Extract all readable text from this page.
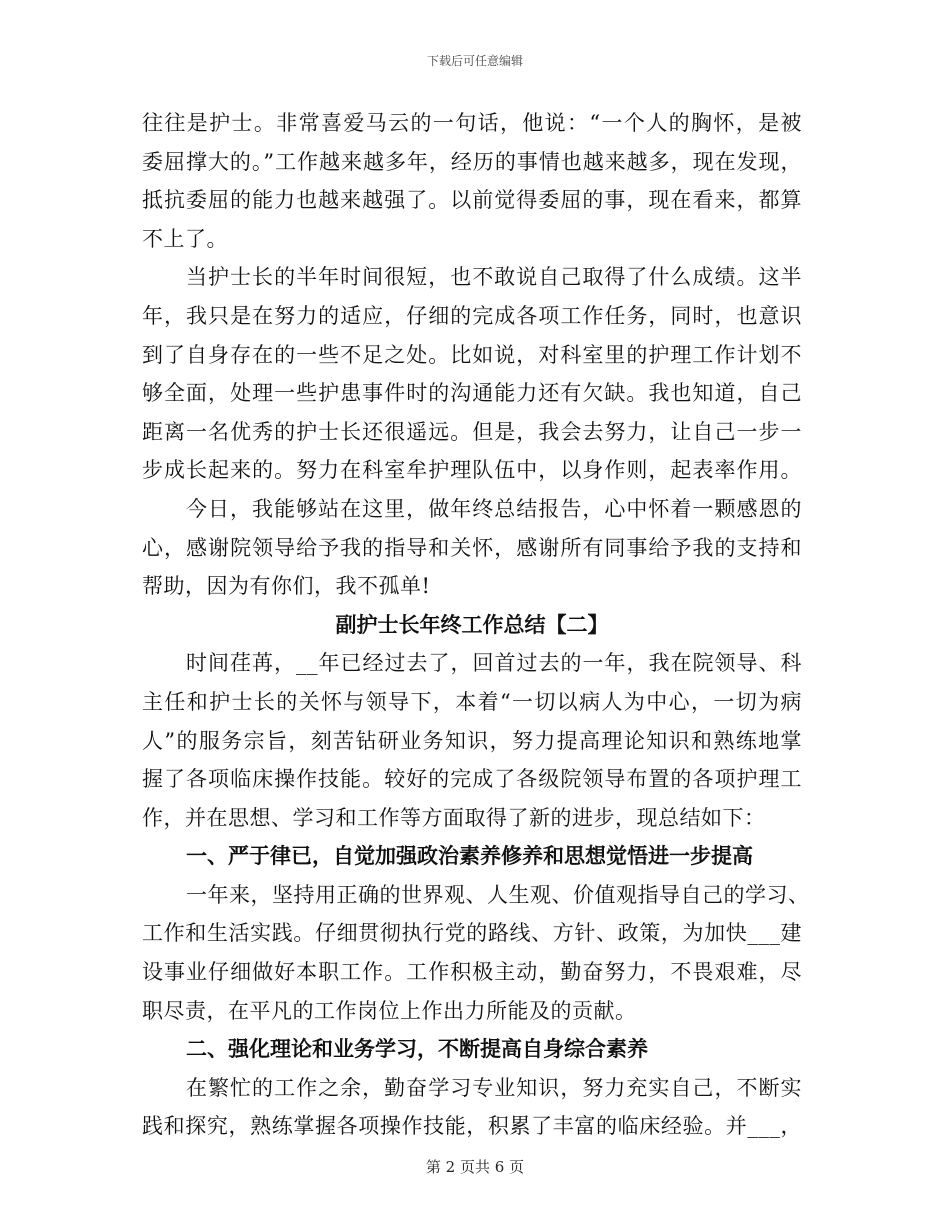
下载后可任意编辑
往往是护士。非常喜爱马云的一句话，他说：“一个人的胸怀，是被
委屈撑大的。”工作越来越多年，经历的事情也越来越多，现在发现，
抵抗委屈的能力也越来越强了。以前觉得委屈的事，现在看来，都算
不上了。
当护士长的半年时间很短，也不敢说自己取得了什么成绩。这半
年，我只是在努力的适应，仔细的完成各项工作任务，同时，也意识
到了自身存在的一些不足之处。比如说，对科室里的护理工作计划不
够全面，处理一些护患事件时的沟通能力还有欠缺。我也知道，自己
距离一名优秀的护士长还很遥远。但是，我会去努力，让自己一步一
步成长起来的。努力在科室牟护理队伍中，以身作则，起表率作用。
今日，我能够站在这里，做年终总结报告，心中怀着一颗感恩的
心，感谢院领导给予我的指导和关怀，感谢所有同事给予我的支持和
帮助，因为有你们，我不孤单!
副护士长年终工作总结【二】
时间荏苒，__年已经过去了，回首过去的一年，我在院领导、科
主任和护士长的关怀与领导下，本着“一切以病人为中心，一切为病
人”的服务宗旨，刻苦钻研业务知识，努力提高理论知识和熟练地掌
握了各项临床操作技能。较好的完成了各级院领导布置的各项护理工
作，并在思想、学习和工作等方面取得了新的进步，现总结如下：
一、严于律已，自觉加强政治素养修养和思想觉悟进一步提高
一年来，坚持用正确的世界观、人生观、价值观指导自己的学习、
工作和生活实践。仔细贯彻执行党的路线、方针、政策，为加快___建
设事业仔细做好本职工作。工作积极主动，勤奋努力，不畏艰难，尽
职尽责，在平凡的工作岗位上作出力所能及的贡献。
二、强化理论和业务学习，不断提高自身综合素养
在繁忙的工作之余，勤奋学习专业知识，努力充实自己，不断实
践和探究，熟练掌握各项操作技能，积累了丰富的临床经验。并___，
第 2 页共 6 页
